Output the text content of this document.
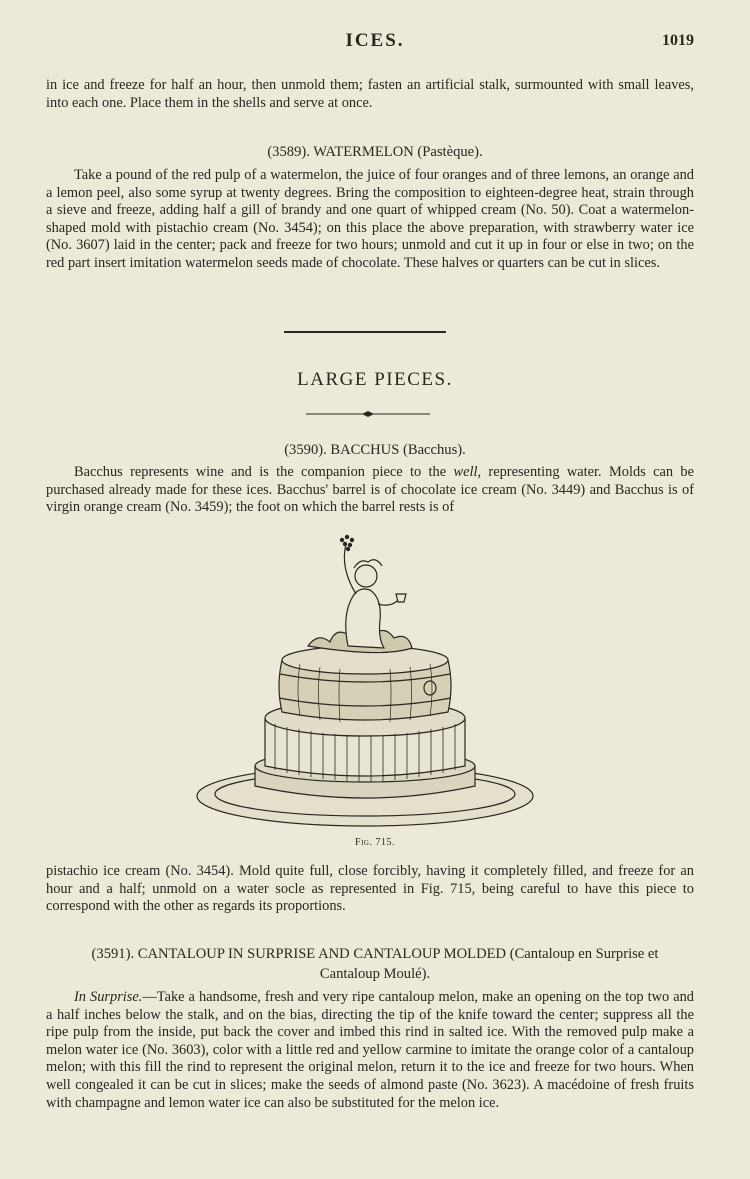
ICES.	1019

in ice and freeze for half an hour, then unmold them; fasten an artificial stalk, surmounted with small leaves, into each one. Place them in the shells and serve at once.

(3589). WATERMELON (Pastèque).

Take a pound of the red pulp of a watermelon, the juice of four oranges and of three lemons, an orange and a lemon peel, also some syrup at twenty degrees. Bring the composition to eighteen-degree heat, strain through a sieve and freeze, adding half a gill of brandy and one quart of whipped cream (No. 50). Coat a watermelon-shaped mold with pistachio cream (No. 3454); on this place the above preparation, with strawberry water ice (No. 3607) laid in the center; pack and freeze for two hours; unmold and cut it up in four or else in two; on the red part insert imitation watermelon seeds made of chocolate. These halves or quarters can be cut in slices.

LARGE PIECES.
(3590). BACCHUS (Bacchus).

Bacchus represents wine and is the companion piece to the well, representing water. Molds can be purchased already made for these ices. Bacchus' barrel is of chocolate ice cream (No. 3449) and Bacchus is of virgin orange cream (No. 3459); the foot on which the barrel rests is of

Fig. 715.

pistachio ice cream (No. 3454). Mold quite full, close forcibly, having it completely filled, and freeze for an hour and a half; unmold on a water socle as represented in Fig. 715, being careful to have this piece to correspond with the other as regards its proportions.

(3591). CANTALOUP IN SURPRISE AND CANTALOUP MOLDED (Cantaloup en Surprise et
Cantaloup Moulé).

In Surprise.—Take a handsome, fresh and very ripe cantaloup melon, make an opening on the top two and a half inches below the stalk, and on the bias, directing the tip of the knife toward the center; suppress all the ripe pulp from the inside, put back the cover and imbed this rind in salted ice. With the removed pulp make a melon water ice (No. 3603), color with a little red and yellow carmine to imitate the orange color of a cantaloup melon; with this fill the rind to represent the original melon, return it to the ice and freeze for two hours. When well congealed it can be cut in slices; make the seeds of almond paste (No. 3623). A macédoine of fresh fruits with champagne and lemon water ice can also be substituted for the melon ice.
